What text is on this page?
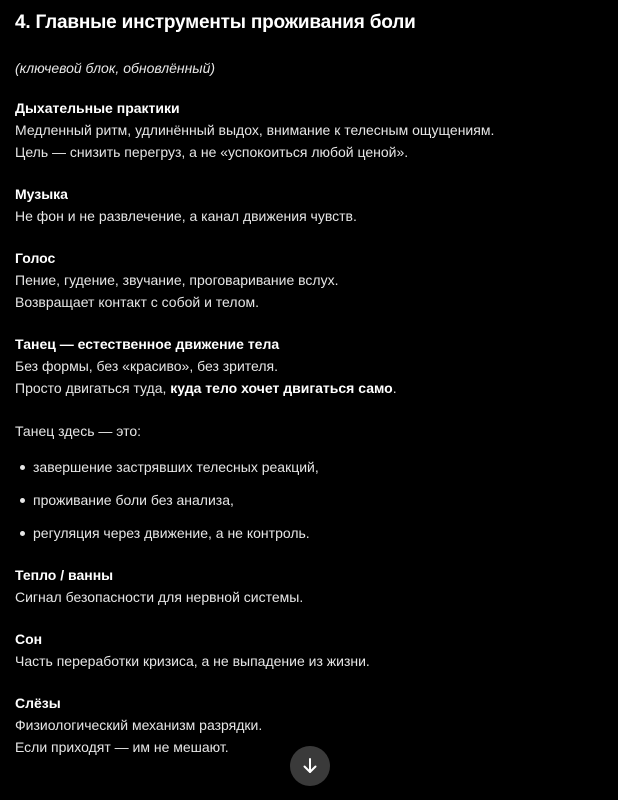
4. Главные инструменты проживания боли

(ключевой блок, обновлённый)

Дыхательные практики
Медленный ритм, удлинённый выдох, внимание к телесным ощущениям.
Цель — снизить перегруз, а не «успокоиться любой ценой».
Музыка
Не фон и не развлечение, а канал движения чувств.
Голос
Пение, гудение, звучание, проговаривание вслух.
Возвращает контакт с собой и телом.
Танец — естественное движение тела
Без формы, без «красиво», без зрителя.
Просто двигаться туда, куда тело хочет двигаться само.
Танец здесь — это:
завершение застрявших телесных реакций,
проживание боли без анализа,
регуляция через движение, а не контроль.
Тепло / ванны
Сигнал безопасности для нервной системы.
Сон
Часть переработки кризиса, а не выпадение из жизни.
Слёзы
Физиологический механизм разрядки.
Если приходят — им не мешают.
